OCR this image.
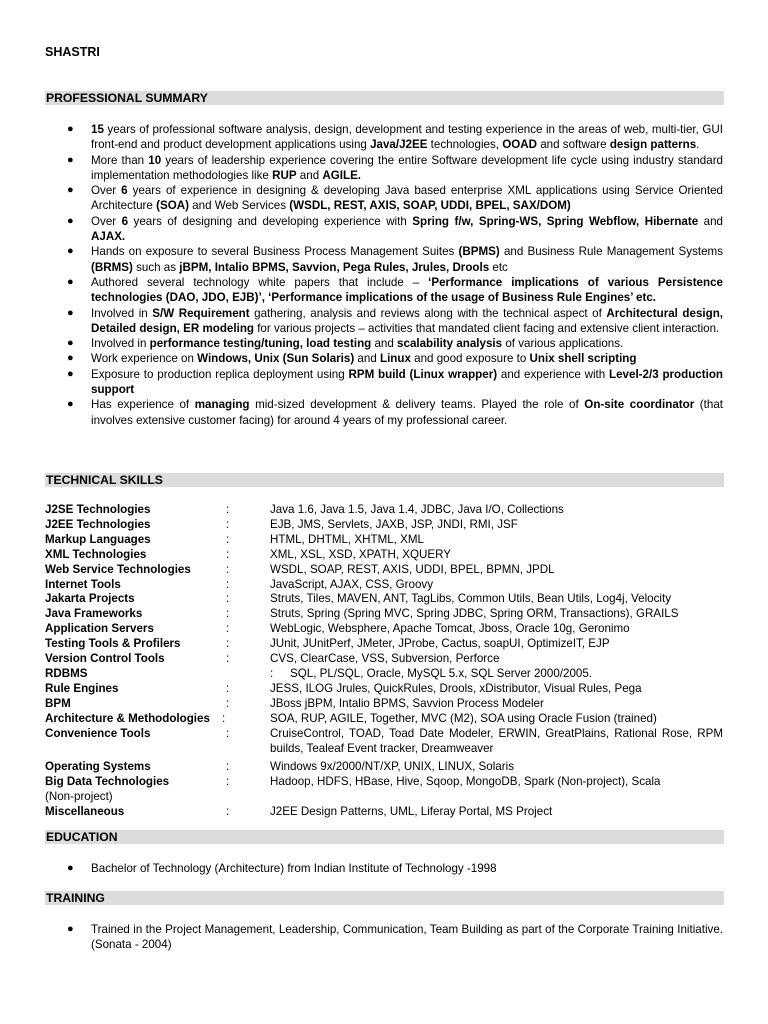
SHASTRI
PROFESSIONAL SUMMARY
● 15 years of professional software analysis, design, development and testing experience in the areas of web, multi-tier, GUI front-end and product development applications using Java/J2EE technologies, OOAD and software design patterns.
● More than 10 years of leadership experience covering the entire Software development life cycle using industry standard implementation methodologies like RUP and AGILE.
● Over 6 years of experience in designing & developing Java based enterprise XML applications using Service Oriented Architecture (SOA) and Web Services (WSDL, REST, AXIS, SOAP, UDDI, BPEL, SAX/DOM)
● Over 6 years of designing and developing experience with Spring f/w, Spring-WS, Spring Webflow, Hibernate and AJAX.
● Hands on exposure to several Business Process Management Suites (BPMS) and Business Rule Management Systems (BRMS) such as jBPM, Intalio BPMS, Savvion, Pega Rules, Jrules, Drools etc
● Authored several technology white papers that include – ‘Performance implications of various Persistence technologies (DAO, JDO, EJB)’, ‘Performance implications of the usage of Business Rule Engines’ etc.
● Involved in S/W Requirement gathering, analysis and reviews along with the technical aspect of Architectural design, Detailed design, ER modeling for various projects – activities that mandated client facing and extensive client interaction.
● Involved in performance testing/tuning, load testing and scalability analysis of various applications.
● Work experience on Windows, Unix (Sun Solaris) and Linux and good exposure to Unix shell scripting
● Exposure to production replica deployment using RPM build (Linux wrapper) and experience with Level-2/3 production support
● Has experience of managing mid-sized development & delivery teams. Played the role of On-site coordinator (that involves extensive customer facing) for around 4 years of my professional career.
TECHNICAL SKILLS
J2SE Technologies	:	Java 1.6, Java 1.5, Java 1.4, JDBC, Java I/O, Collections
J2EE Technologies	:	EJB, JMS, Servlets, JAXB, JSP, JNDI, RMI, JSF
Markup Languages	:	HTML, DHTML, XHTML, XML
XML Technologies	:	XML, XSL, XSD, XPATH, XQUERY
Web Service Technologies	:	WSDL, SOAP, REST, AXIS, UDDI, BPEL, BPMN, JPDL
Internet Tools	:	JavaScript, AJAX, CSS, Groovy
Jakarta Projects	:	Struts, Tiles, MAVEN, ANT, TagLibs, Common Utils, Bean Utils, Log4j, Velocity
Java Frameworks	:	Struts, Spring (Spring MVC, Spring JDBC, Spring ORM, Transactions), GRAILS
Application Servers	:	WebLogic, Websphere, Apache Tomcat, Jboss, Oracle 10g, Geronimo
Testing Tools & Profilers	:	JUnit, JUnitPerf, JMeter, JProbe, Cactus, soapUI, OptimizeIT, EJP
Version Control Tools	:	CVS, ClearCase, VSS, Subversion, Perforce
RDBMS	: SQL, PL/SQL, Oracle, MySQL 5.x, SQL Server 2000/2005.
Rule Engines	:	JESS, ILOG Jrules, QuickRules, Drools, xDistributor, Visual Rules, Pega
BPM	:	JBoss jBPM, Intalio BPMS, Savvion Process Modeler
Architecture & Methodologies :	SOA, RUP, AGILE, Together, MVC (M2), SOA using Oracle Fusion (trained)
Convenience Tools	:	CruiseControl, TOAD, Toad Date Modeler, ERWIN, GreatPlains, Rational Rose, RPM builds, Tealeaf Event tracker, Dreamweaver
Operating Systems	:	Windows 9x/2000/NT/XP, UNIX, LINUX, Solaris
Big Data Technologies	:	Hadoop, HDFS, HBase, Hive, Sqoop, MongoDB, Spark (Non-project), Scala
(Non-project)
Miscellaneous	:	J2EE Design Patterns, UML, Liferay Portal, MS Project
EDUCATION
● Bachelor of Technology (Architecture) from Indian Institute of Technology -1998
TRAINING
● Trained in the Project Management, Leadership, Communication, Team Building as part of the Corporate Training Initiative. (Sonata - 2004)
